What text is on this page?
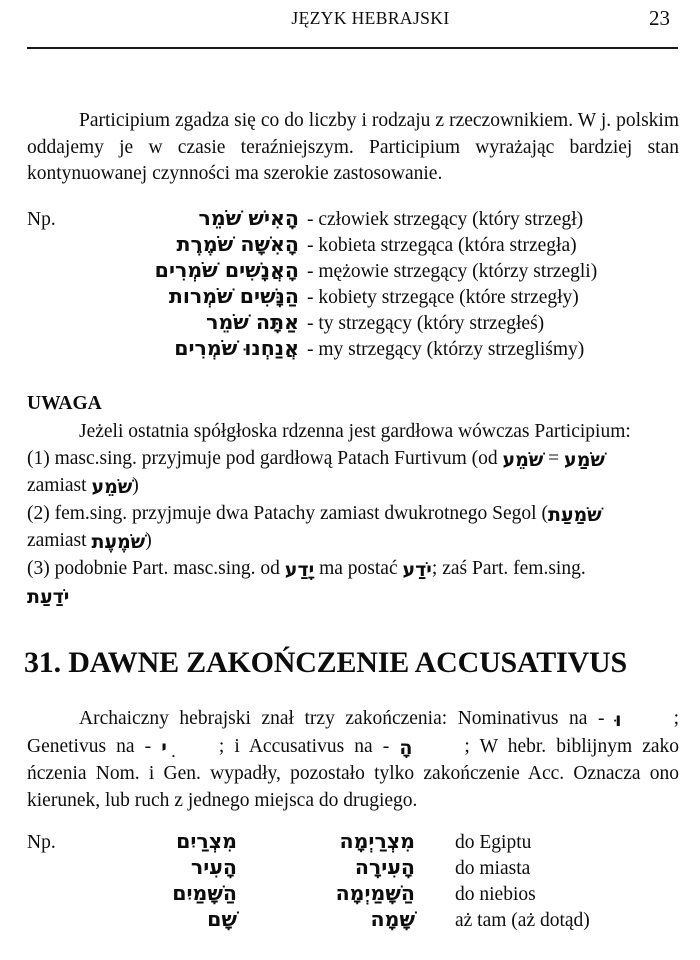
JĘZYK HEBRAJSKI	23

Participium zgadza się co do liczby i rodzaju z rzeczownikiem. W j. polskim oddajemy je w czasie teraźniejszym. Participium wyrażając bardziej stan kontynuowanej czynności ma szerokie zastosowanie.

Np.	הָאִישׁ שֹׁמֵר - człowiek strzegący (który strzegł)
הָאִשָּׁה שֹׁמֶרֶת - kobieta strzegąca (która strzegła)
הָאֲנָשִׁים שֹׁמְרִים - mężowie strzegący (którzy strzegli)
הַנָּשִׁים שֹׁמְרות - kobiety strzegące (które strzegły)
אַתָּה שֹׁמֵר - ty strzegący (który strzegłeś)
אֲנַחְנוּ שֹׁמְרִים - my strzegący (którzy strzegliśmy)
UWAGA

Jeżeli ostatnia spółgłoska rdzenna jest gardłowa wówczas Participium:

(1) masc.sing. przyjmuje pod gardłową Patach Furtivum (od שֹׁמֵע = שֹׁמֵַע
zamiast שֹׁמֵע)
(2) fem.sing. przyjmuje dwa Patachy zamiast dwukrotnego Segol (שֹׁמַעַת
zamiast שֹׁמֶעֶת)
(3) podobnie Part. masc.sing. od יָדַע ma postać יֹדֵַע; zaś Part. fem.sing.
יֹדַעַת
31. DAWNE ZAKOŃCZENIE ACCUSATIVUS

Archaiczny hebrajski znał trzy zakończenia: Nominativus na - וּ	; Genetivus na - ִי	; i Accusativus na - הָ	; W hebr. biblijnym zako ńczenia Nom. i Gen. wypadły, pozostało tylko zakończenie Acc. Oznacza ono kierunek, lub ruch z jednego miejsca do drugiego.

Np.	מִצְרַיִם	מִצְרַיְמָה	do Egiptu
הָעִיר	הָעִירָה	do miasta
הַשָּׁמַיִם	הַשָּׁמַיְמָה	do niebios
שָׁם	שָּׁמָה	aż tam (aż dotąd)
